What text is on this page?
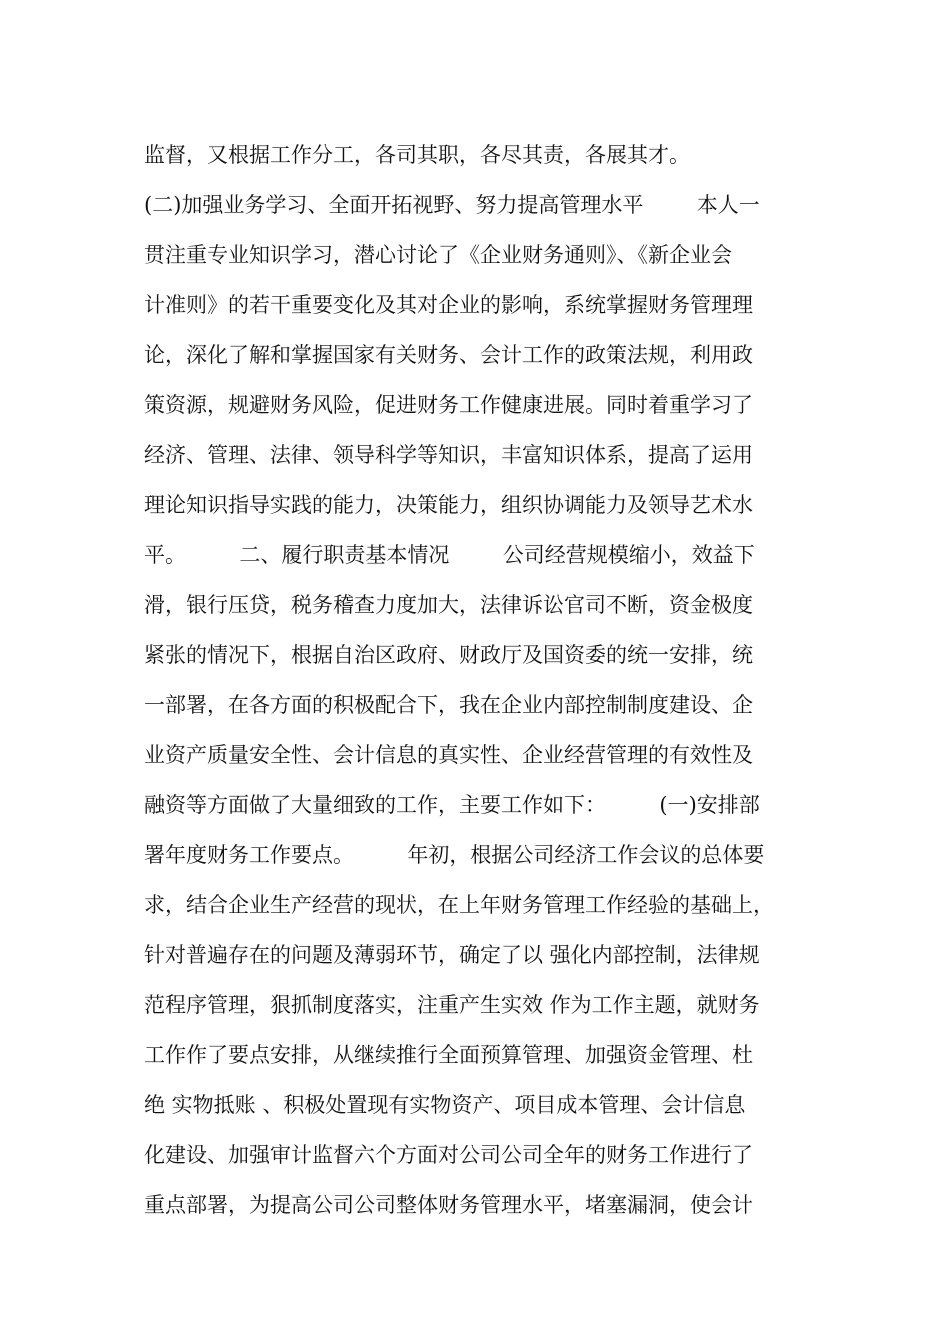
监督，又根据工作分工，各司其职，各尽其责，各展其才。
(二)加强业务学习、全面开拓视野、努力提高管理水平        本人一
贯注重专业知识学习，潜心讨论了《企业财务通则》、《新企业会
计准则》的若干重要变化及其对企业的影响，系统掌握财务管理理
论，深化了解和掌握国家有关财务、会计工作的政策法规，利用政
策资源，规避财务风险，促进财务工作健康进展。同时着重学习了
经济、管理、法律、领导科学等知识，丰富知识体系，提高了运用
理论知识指导实践的能力，决策能力，组织协调能力及领导艺术水
平。        二、履行职责基本情况        公司经营规模缩小，效益下
滑，银行压贷，税务稽查力度加大，法律诉讼官司不断，资金极度
紧张的情况下，根据自治区政府、财政厅及国资委的统一安排，统
一部署，在各方面的积极配合下，我在企业内部控制制度建设、企
业资产质量安全性、会计信息的真实性、企业经营管理的有效性及
融资等方面做了大量细致的工作，主要工作如下：        (一)安排部
署年度财务工作要点。        年初，根据公司经济工作会议的总体要
求，结合企业生产经营的现状，在上年财务管理工作经验的基础上，
针对普遍存在的问题及薄弱环节，确定了以 强化内部控制，法律规
范程序管理，狠抓制度落实，注重产生实效 作为工作主题，就财务
工作作了要点安排，从继续推行全面预算管理、加强资金管理、杜
绝 实物抵账 、积极处置现有实物资产、项目成本管理、会计信息
化建设、加强审计监督六个方面对公司公司全年的财务工作进行了
重点部署，为提高公司公司整体财务管理水平，堵塞漏洞，使会计
